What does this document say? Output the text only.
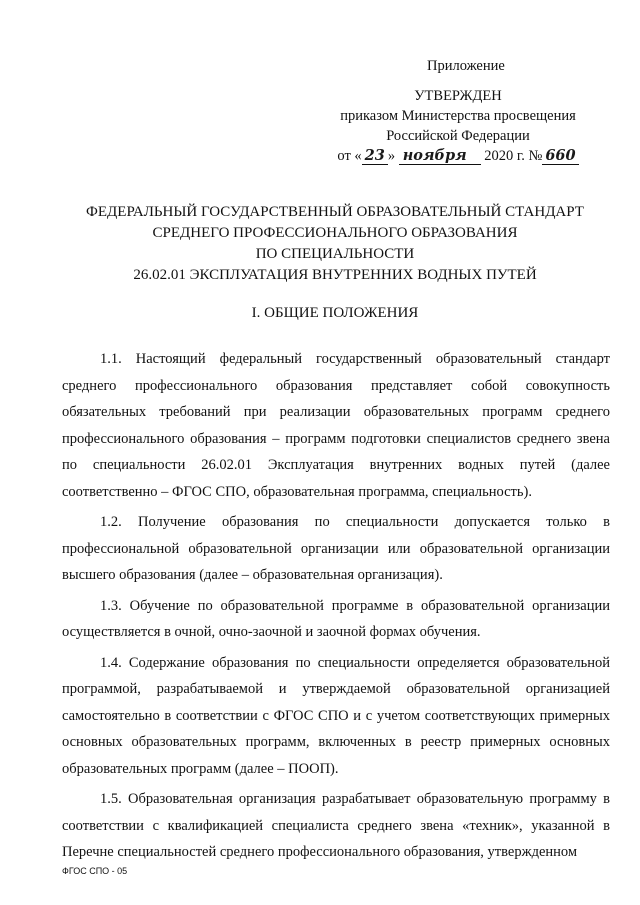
Приложение
УТВЕРЖДЕН
приказом Министерства просвещения
Российской Федерации
от « 23 » ноября 2020 г. № 660
ФЕДЕРАЛЬНЫЙ ГОСУДАРСТВЕННЫЙ ОБРАЗОВАТЕЛЬНЫЙ СТАНДАРТ
СРЕДНЕГО ПРОФЕССИОНАЛЬНОГО ОБРАЗОВАНИЯ
ПО СПЕЦИАЛЬНОСТИ
26.02.01 ЭКСПЛУАТАЦИЯ ВНУТРЕННИХ ВОДНЫХ ПУТЕЙ
I. ОБЩИЕ ПОЛОЖЕНИЯ

1.1. Настоящий федеральный государственный образовательный стандарт среднего профессионального образования представляет собой совокупность обязательных требований при реализации образовательных программ среднего профессионального образования – программ подготовки специалистов среднего звена по специальности 26.02.01 Эксплуатация внутренних водных путей (далее соответственно – ФГОС СПО, образовательная программа, специальность).

1.2. Получение образования по специальности допускается только в профессиональной образовательной организации или образовательной организации высшего образования (далее – образовательная организация).

1.3. Обучение по образовательной программе в образовательной организации осуществляется в очной, очно-заочной и заочной формах обучения.

1.4. Содержание образования по специальности определяется образовательной программой, разрабатываемой и утверждаемой образовательной организацией самостоятельно в соответствии с ФГОС СПО и с учетом соответствующих примерных основных образовательных программ, включенных в реестр примерных основных образовательных программ (далее – ПООП).

1.5. Образовательная организация разрабатывает образовательную программу в соответствии с квалификацией специалиста среднего звена «техник», указанной в Перечне специальностей среднего профессионального образования, утвержденном

ФГОС СПО - 05
